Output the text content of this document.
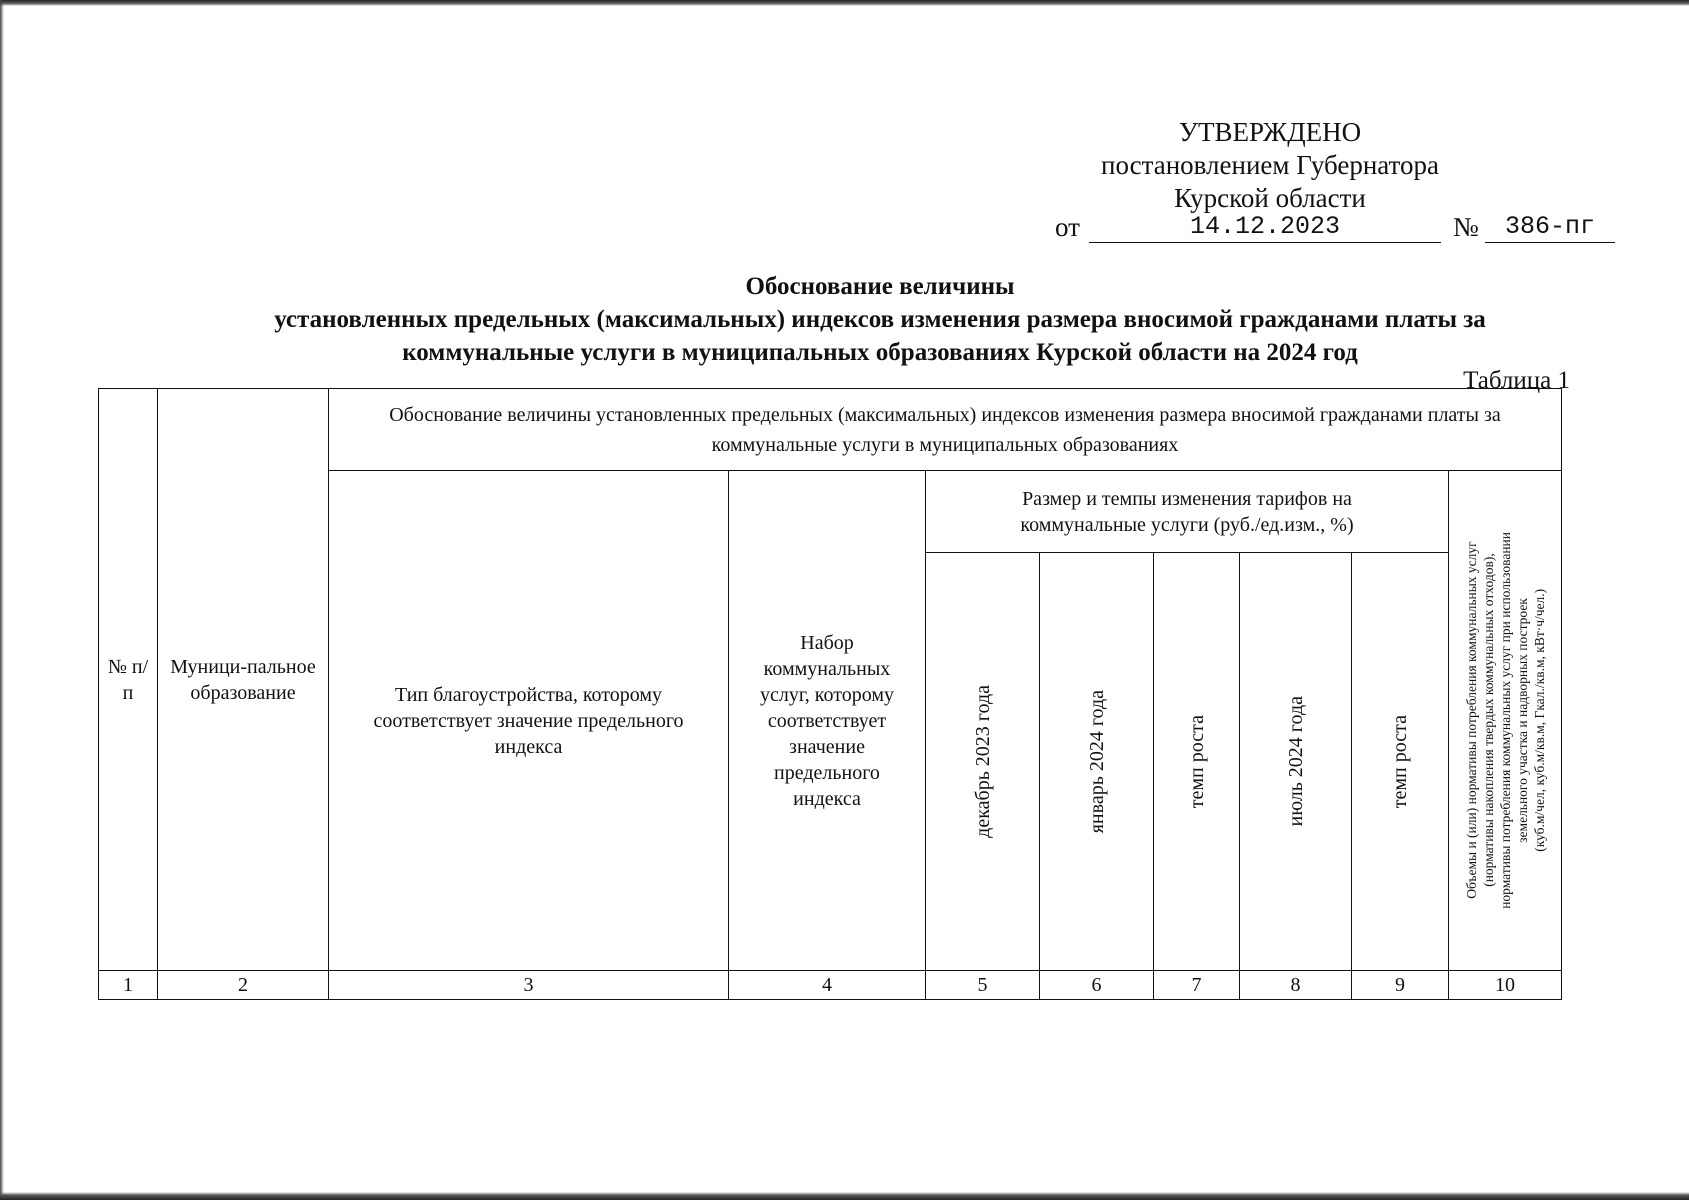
УТВЕРЖДЕНО
постановлением Губернатора
Курской области
от	14.12.2023	№	386-пг
Обоснование величины
установленных предельных (максимальных) индексов изменения размера вносимой гражданами платы за
коммунальные услуги в муниципальных образованиях Курской области на 2024 год
Таблица 1
№ п/п	Муници-пальное образование	Обоснование величины установленных предельных (максимальных) индексов изменения размера вносимой гражданами платы за коммунальные услуги в муниципальных образованиях							
		Тип благоустройства, которому соответствует значение предельного индекса	Набор коммунальных услуг, которому соответствует значение предельного индекса	Размер и темпы изменения тарифов на коммунальные услуги (руб./ед.изм., %)					Объемы и (или) нормативы потребления коммунальных услуг (нормативы накопления твердых коммунальных отходов), нормативы потребления коммунальных услуг при использовании земельного участка и надворных построек (куб.м/чел, куб.м/кв.м, Гкал./кв.м, кВт·ч/чел.)

				декабрь 2023 года	январь 2024 года	темп роста	июль 2024 года	темп роста	

1	2	3	4	5	6	7	8	9	10
